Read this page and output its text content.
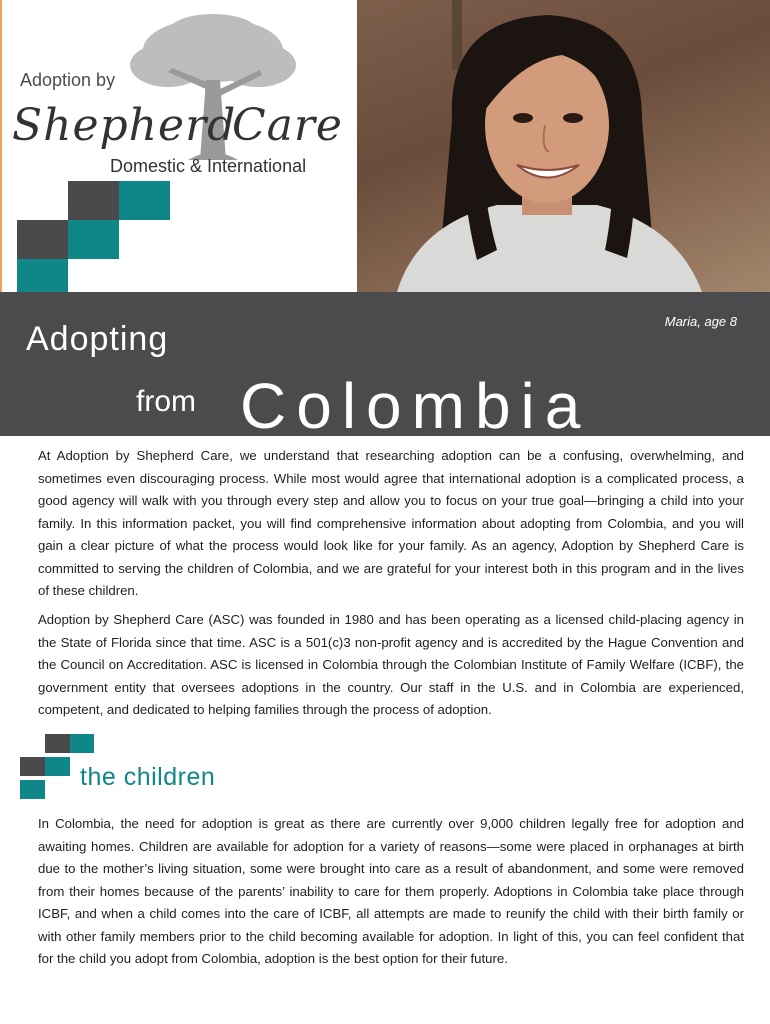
Adoption by
Shepherd
Care
Domestic & International
Maria, age 8
Adopting
from Colombia

At Adoption by Shepherd Care, we understand that researching adoption can be a confusing, overwhelming, and sometimes even discouraging process. While most would agree that international adoption is a complicated process, a good agency will walk with you through every step and allow you to focus on your true goal—bringing a child into your family. In this information packet, you will find comprehensive information about adopting from Colombia, and you will gain a clear picture of what the process would look like for your family. As an agency, Adoption by Shepherd Care is committed to serving the children of Colombia, and we are grateful for your interest both in this program and in the lives of these children.

Adoption by Shepherd Care (ASC) was founded in 1980 and has been operating as a licensed child-placing agency in the State of Florida since that time. ASC is a 501(c)3 non-profit agency and is accredited by the Hague Convention and the Council on Accreditation. ASC is licensed in Colombia through the Colombian Institute of Family Welfare (ICBF), the government entity that oversees adoptions in the country. Our staff in the U.S. and in Colombia are experienced, competent, and dedicated to helping families through the process of adoption.

the children

In Colombia, the need for adoption is great as there are currently over 9,000 children legally free for adoption and awaiting homes. Children are available for adoption for a variety of reasons—some were placed in orphanages at birth due to the mother’s living situation, some were brought into care as a result of abandonment, and some were removed from their homes because of the parents’ inability to care for them properly. Adoptions in Colombia take place through ICBF, and when a child comes into the care of ICBF, all attempts are made to reunify the child with their birth family or with other family members prior to the child becoming available for adoption. In light of this, you can feel confident that for the child you adopt from Colombia, adoption is the best option for their future.
